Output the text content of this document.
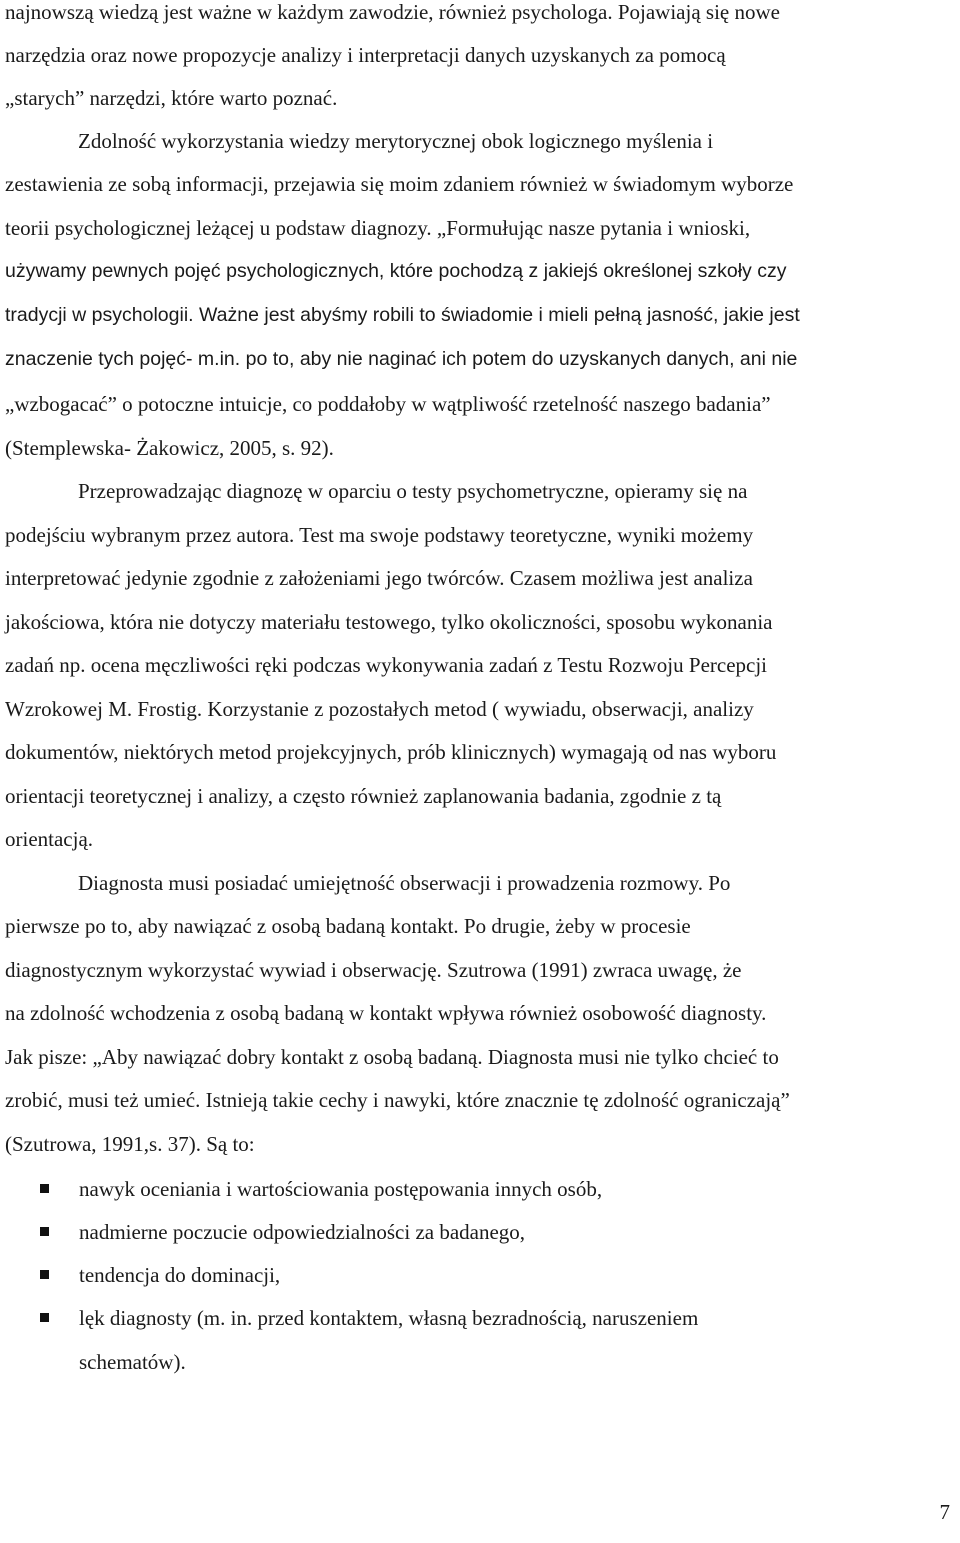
najnowszą wiedzą jest ważne w każdym zawodzie, również psychologa. Pojawiają się nowe
narzędzia oraz nowe propozycje analizy i interpretacji danych uzyskanych za pomocą
„starych” narzędzi, które warto poznać.
Zdolność wykorzystania wiedzy merytorycznej obok logicznego myślenia i
zestawienia ze sobą informacji, przejawia się moim zdaniem również w świadomym wyborze
teorii psychologicznej leżącej u podstaw diagnozy. „Formułując nasze pytania i wnioski,
używamy pewnych pojęć psychologicznych, które pochodzą z jakiejś określonej szkoły czy
tradycji w psychologii. Ważne jest abyśmy robili to świadomie i mieli pełną jasność, jakie jest
znaczenie tych pojęć- m.in. po to, aby nie naginać ich potem do uzyskanych danych, ani nie
„wzbogacać” o potoczne intuicje, co poddałoby w wątpliwość rzetelność naszego badania”
(Stemplewska- Żakowicz, 2005, s. 92).
Przeprowadzając diagnozę w oparciu o testy psychometryczne, opieramy się na
podejściu wybranym przez autora. Test ma swoje podstawy teoretyczne, wyniki możemy
interpretować jedynie zgodnie z założeniami jego twórców. Czasem możliwa jest analiza
jakościowa, która nie dotyczy materiału testowego, tylko okoliczności, sposobu wykonania
zadań np. ocena męczliwości ręki podczas wykonywania zadań z Testu Rozwoju Percepcji
Wzrokowej M. Frostig. Korzystanie z pozostałych metod ( wywiadu, obserwacji, analizy
dokumentów, niektórych metod projekcyjnych, prób klinicznych) wymagają od nas wyboru
orientacji teoretycznej i analizy, a często również zaplanowania badania, zgodnie z tą
orientacją.
Diagnosta musi posiadać umiejętność obserwacji i prowadzenia rozmowy. Po
pierwsze po to, aby nawiązać z osobą badaną kontakt. Po drugie, żeby w procesie
diagnostycznym wykorzystać wywiad i obserwację. Szutrowa (1991) zwraca uwagę, że
na zdolność wchodzenia z osobą badaną w kontakt wpływa również osobowość diagnosty.
Jak pisze: „Aby nawiązać dobry kontakt z osobą badaną. Diagnosta musi nie tylko chcieć to
zrobić, musi też umieć. Istnieją takie cechy i nawyki, które znacznie tę zdolność ograniczają”
(Szutrowa, 1991,s. 37). Są to:
nawyk oceniania i wartościowania postępowania innych osób,
nadmierne poczucie odpowiedzialności za badanego,
tendencja do dominacji,
lęk diagnosty (m. in. przed kontaktem, własną bezradnością, naruszeniem
schematów).
7
